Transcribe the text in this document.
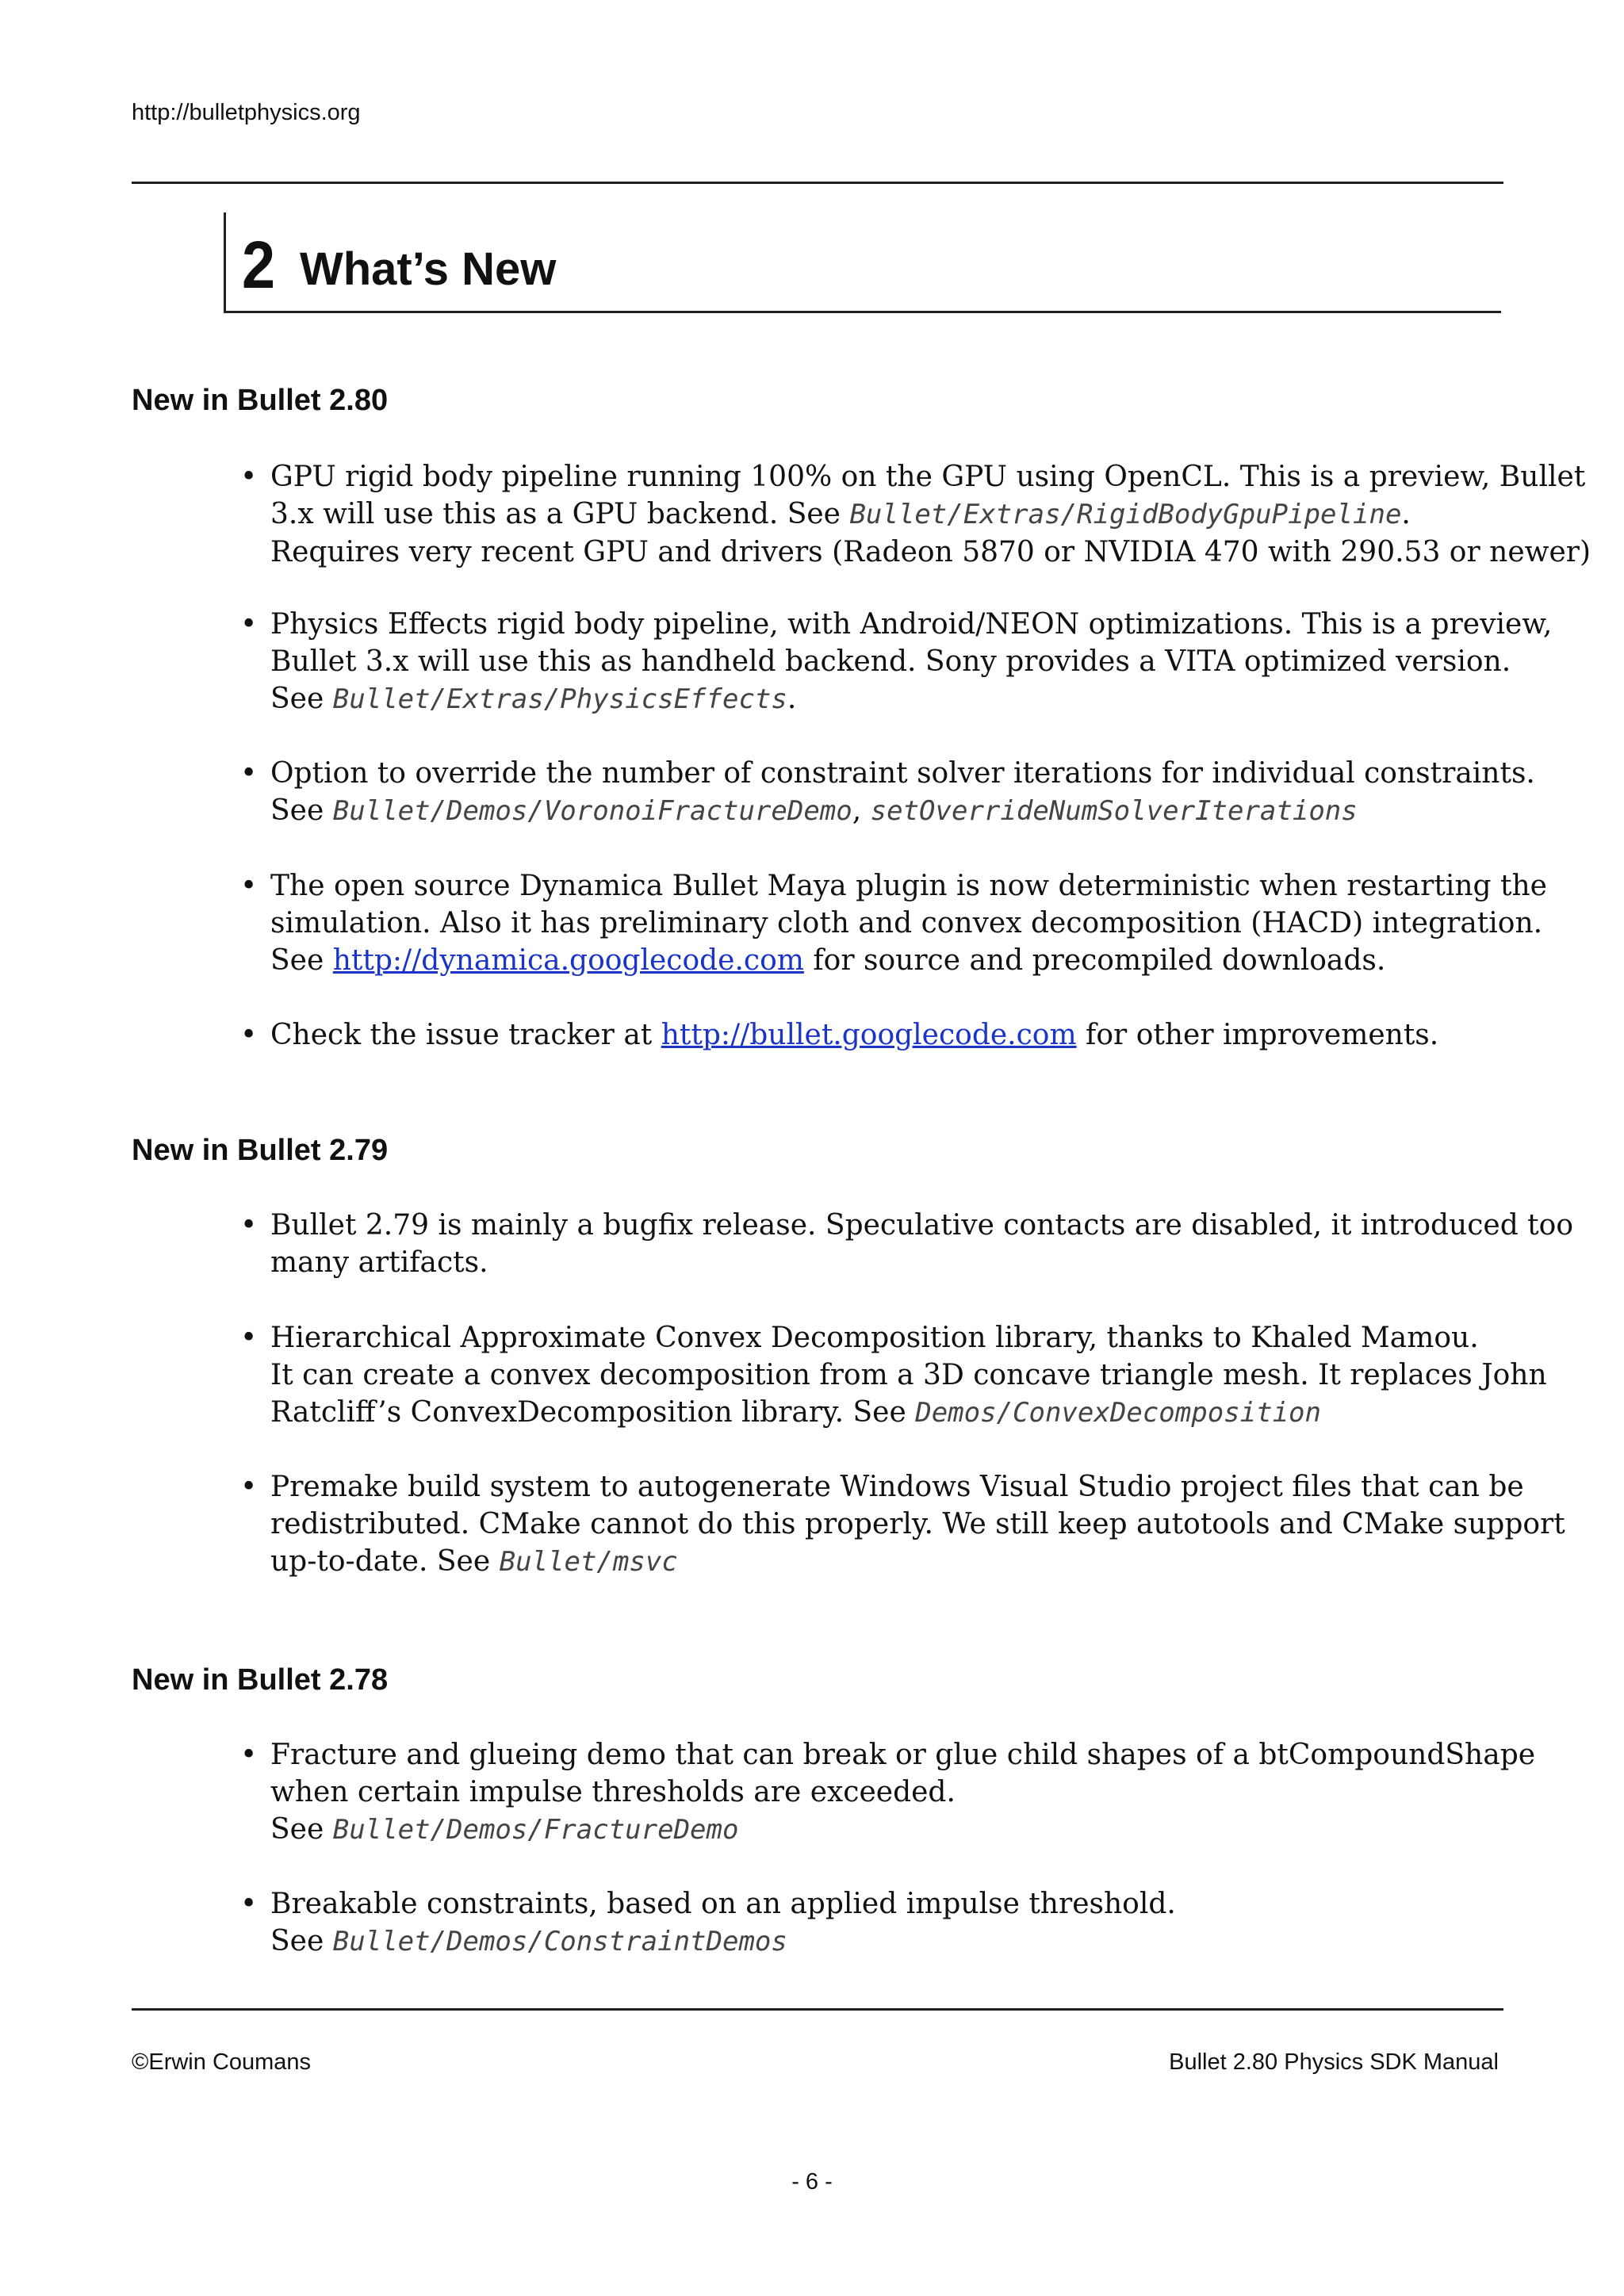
http://bulletphysics.org
2 What’s New
New in Bullet 2.80
• GPU rigid body pipeline running 100% on the GPU using OpenCL. This is a preview, Bullet
3.x will use this as a GPU backend. See Bullet/Extras/RigidBodyGpuPipeline.
Requires very recent GPU and drivers (Radeon 5870 or NVIDIA 470 with 290.53 or newer)
• Physics Effects rigid body pipeline, with Android/NEON optimizations. This is a preview,
Bullet 3.x will use this as handheld backend. Sony provides a VITA optimized version.
See Bullet/Extras/PhysicsEffects.
• Option to override the number of constraint solver iterations for individual constraints.
See Bullet/Demos/VoronoiFractureDemo, setOverrideNumSolverIterations
• The open source Dynamica Bullet Maya plugin is now deterministic when restarting the
simulation. Also it has preliminary cloth and convex decomposition (HACD) integration.
See http://dynamica.googlecode.com for source and precompiled downloads.
• Check the issue tracker at http://bullet.googlecode.com for other improvements.
New in Bullet 2.79
• Bullet 2.79 is mainly a bugfix release. Speculative contacts are disabled, it introduced too
many artifacts.
• Hierarchical Approximate Convex Decomposition library, thanks to Khaled Mamou.
It can create a convex decomposition from a 3D concave triangle mesh. It replaces John
Ratcliff’s ConvexDecomposition library. See Demos/ConvexDecomposition
• Premake build system to autogenerate Windows Visual Studio project files that can be
redistributed. CMake cannot do this properly. We still keep autotools and CMake support
up-to-date. See Bullet/msvc
New in Bullet 2.78
• Fracture and glueing demo that can break or glue child shapes of a btCompoundShape
when certain impulse thresholds are exceeded.
See Bullet/Demos/FractureDemo
• Breakable constraints, based on an applied impulse threshold.
See Bullet/Demos/ConstraintDemos
©Erwin Coumans	Bullet 2.80 Physics SDK Manual
- 6 -
